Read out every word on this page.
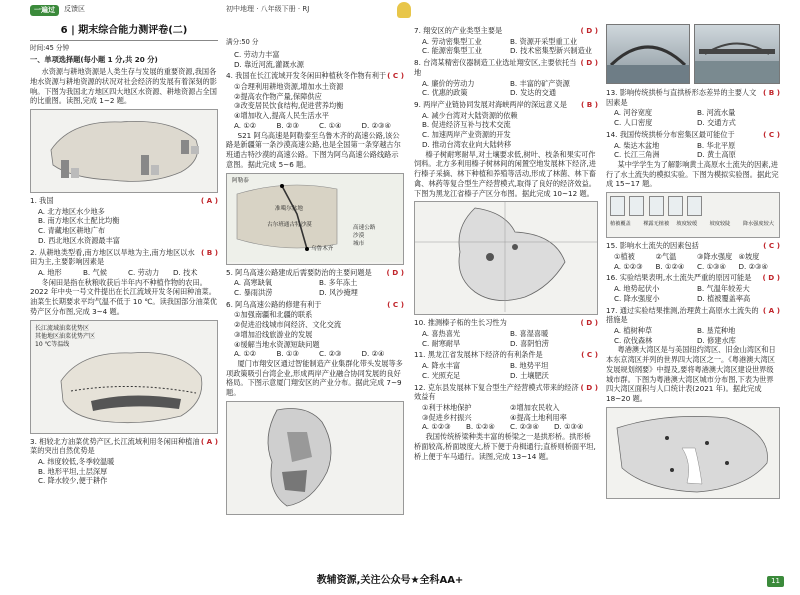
一遍过	反馈区	初中地理 · 八年级下册 · RJ
6 | 期末综合能力测评卷(二)
时间:45 分钟
一、单项选择题(每小题 1 分,共 20 分)

水资源与耕地资源是人类生存与发展的重要资源,我国各地水资源与耕地资源的状况对社会经济的发展有着深刻的影响。下图为我国北方地区四大地区水资源、耕地资源占全国的比重图。读图,完成 1~2 题。

1. 我国	( A )
A. 北方地区水少地多
B. 南方地区水土配比均衡
C. 青藏地区耕地广布
D. 西北地区水资源最丰富
2. 从耕地类型看,南方地区以旱地为主,南方地区以水田为主,主要影响因素是
( B )
A. 地形	B. 气候	C. 劳动力	D. 技术

冬闲田是指在秋粮收获后半年内不种植作物的农田。2022 年中央一号文件提出在长江流域开发冬闲田种油菜。油菜生长期要求平均气温不低于 10 ℃。读我国部分油菜优势产区分布图,完成 3~4 题。

长江流域油菜优势区
其他地区油菜优势产区
10 ℃等温线
3. 相较北方油菜优势产区,长江流域利用冬闲田种植油菜的突出自然优势是
( A )
A. 纬度较低,冬季较温暖
B. 地形平坦,土层深厚
C. 降水较少,便于耕作
满分:50 分
C. 劳动力丰富
D. 靠近河流,灌溉水源
4. 我国在长江流域开发冬闲田种植秋冬作物有利于 ( C )
①合理利用耕地资源,增加水土资源
②提高农作物产量,保障供应
③改变居民饮食结构,促进营养均衡
④增加收入,提高人民生活水平
A. ①②	B. ②③	C. ①④	D. ②③④

S21 阿乌高速是阿勒泰至乌鲁木齐的高速公路,该公路是新疆第一条沙漠高速公路,也是全国第一条穿越古尔班通古特沙漠的高速公路。下图为阿乌高速公路线路示意图。据此完成 5~6 题。

阿勒泰
准噶尔盆地
古尔班通古特沙漠
乌鲁木齐
高速公路
沙漠
城市
5. 阿乌高速公路建成后需要防治的主要问题是 ( D )
A. 高寒缺氧	B. 多年冻土
C. 暴雨洪涝	D. 风沙掩埋
6. 阿乌高速公路的修建有利于	( C )
①加强南疆和北疆的联系
②促进沿线城市间经济、文化交流
③增加沿线旅游业的发展
④缓解当地水资源短缺问题
A. ①②	B. ①③	C. ②③	D. ②④

厦门市翔安区通过智能制造产业集群化带头发展等多项政策吸引台湾企业,形成两岸产业融合协同发展的良好格局。下图示意厦门翔安区的产业分布。据此完成 7~9 题。

7. 翔安区的产业类型主要是	( D )
A. 劳动密集型工业	B. 资源开采型重工业
C. 能源密集型工业	D. 技术密集型新兴制造业
8. 台湾某精密仪器制造工业选址翔安区,主要依托当地
( D )
A. 廉价的劳动力	B. 丰富的矿产资源
C. 优惠的政策	D. 发达的交通
9. 两岸产业链协同发展对海峡两岸的深远意义是 ( B )
A. 减少台湾对大陆资源的依赖
B. 促进经济互补与技术交流
C. 加速两岸产业资源的开发
D. 推动台湾农业向大陆转移

榛子树耐寒耐旱,对土壤要求低,树叶、枝条和果实可作饲料。北方多利用榛子树林间的闲置空地发展林下经济,进行榛子采摘、林下种植和养殖等活动,形成了林菌、林下畜禽、林药等复合型生产经营模式,取得了良好的经济效益。下图为黑龙江省榛子产区分布图。据此完成 10~12 题。

10. 推测榛子柘的生长习性为	( D )
A. 喜热喜光	B. 喜湿喜暖
C. 耐寒耐旱	D. 喜阴怕涝
11. 黑龙江省发展林下经济的有利条件是	( C )
A. 降水丰富	B. 地势平坦
C. 光照充足	D. 土壤肥沃
12. 克东县发展林下复合型生产经营模式带来的经济效益有
( D )
①利于林地保护	②增加农民收入
③促进乡村振兴	④提高土地利用率
A. ①②③	B. ①②④	C. ②③④	D. ①③④

我国传统桥梁种类丰富的桥梁之一是拱形桥。拱形桥桥面较高,桥面坡度大,桥下便于舟楫通行;直桥则桥面平坦,桥上便于车马通行。读图,完成 13~14 题。

13. 影响传统拱桥与直拱桥形态差异的主要人文因素是
( B )
A. 河谷宽度	B. 河流水量
C. 人口密度	D. 交通方式
14. 我国传统拱桥分布密集区最可能位于	( C )
A. 柴达木盆地	B. 华北平原
C. 长江三角洲	D. 黄土高原

某中学学生为了解影响黄土高原水土流失的因素,进行了水土流失的模拟实验。下图为模拟实验图。据此完成 15~17 题。

植被覆盖	裸露无植被	坡度较缓	坡度较陡	降水强度较大
15. 影响水土流失的因素包括	( C )
①植被	②气温	③降水强度 ④坡度
A. ①②③	B. ①②④	C. ①③④	D. ②③④
16. 实验结果表明,水土流失严重的原因可能是 ( D )
A. 地势起伏小	B. 气温年较差大
C. 降水强度小	D. 植被覆盖率高
17. 通过实验结果推测,治理黄土高原水土流失的措施是
( A )
A. 植树种草	B. 垦荒种地
C. 砍伐森林	D. 修建水库

粤港澳大湾区是与美国纽约湾区、旧金山湾区和日本东京湾区并列的世界四大湾区之一。《粤港澳大湾区发展规划纲要》中提及,要将粤港澳大湾区建设世界级城市群。下图为粤港澳大湾区城市分布图,下表为世界四大湾区面积与人口统计表(2021 年)。据此完成 18~20 题。

教辅资源,关注公众号★全科AA+	11
